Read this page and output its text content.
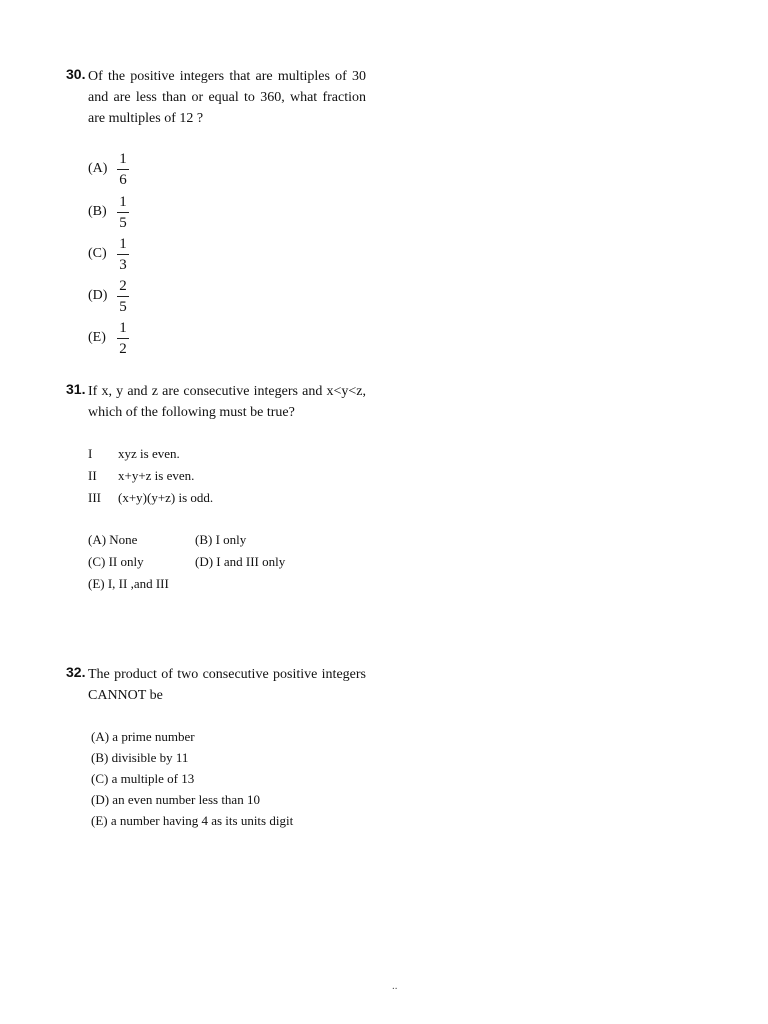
30. Of the positive integers that are multiples of 30 and are less than or equal to 360, what fraction are multiples of 12 ?
(A)
1
6
(B)
1
5
(C)
1
3
(D)
2
5
(E)
1
2
31. If x, y and z are consecutive integers and x<y<z, which of the following must be true?
I xyz is even.
II x+y+z is even.
III (x+y)(y+z) is odd.
(A) None	(B) I only
(C) II only	(D) I and III only
(E) I, II ,and III
32. The product of two consecutive positive integers CANNOT be
(A) a prime number
(B) divisible by 11
(C) a multiple of 13
(D) an even number less than 10
(E) a number having 4 as its units digit
..
